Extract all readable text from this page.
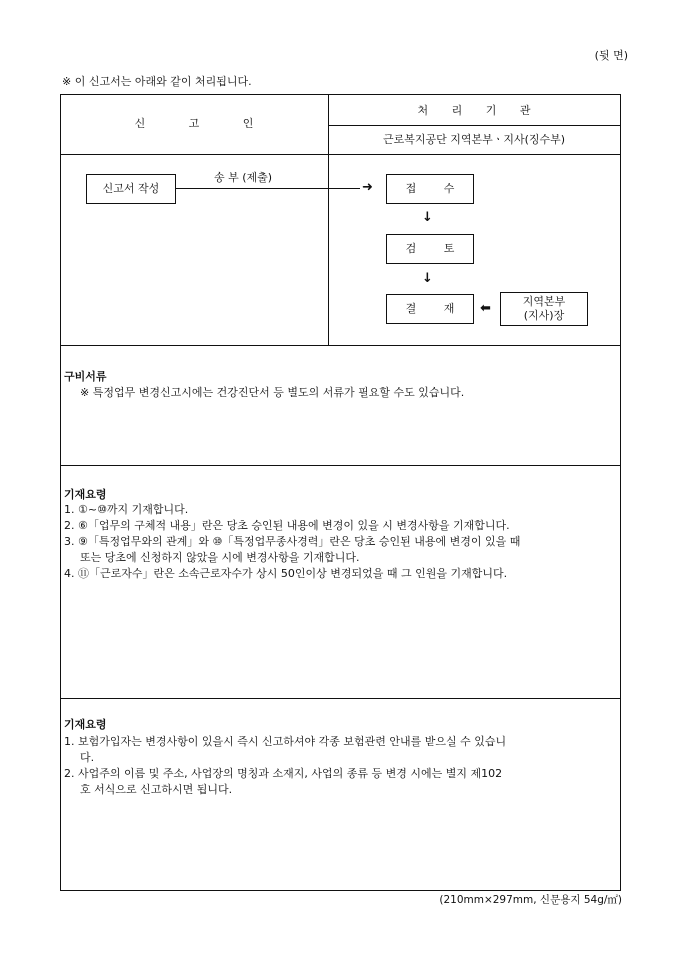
(뒷 면)
※ 이 신고서는 아래와 같이 처리됩니다.
신 고 인
처 리 기 관
근로복지공단 지역본부ㆍ지사(징수부)
신고서 작성
송 부 (제출)
➜	접 수
↓
검 토
↓
결 재	⬅	지역본부
(지사)장
구비서류
※ 특정업무 변경신고시에는 건강진단서 등 별도의 서류가 필요할 수도 있습니다.
기재요령
1. ①~⑩까지 기재합니다.
2. ⑥「업무의 구체적 내용」란은 당초 승인된 내용에 변경이 있을 시 변경사항을 기재합니다.
3. ⑨「특정업무와의 관계」와 ⑩「특정업무종사경력」란은 당초 승인된 내용에 변경이 있을 때
또는 당초에 신청하지 않았을 시에 변경사항을 기재합니다.
4. ⑪「근로자수」란은 소속근로자수가 상시 50인이상 변경되었을 때 그 인원을 기재합니다.
기재요령
1. 보험가입자는 변경사항이 있을시 즉시 신고하셔야 각종 보험관련 안내를 받으실 수 있습니
다.
2. 사업주의 이름 및 주소, 사업장의 명칭과 소재지, 사업의 종류 등 변경 시에는 별지 제102
호 서식으로 신고하시면 됩니다.
(210mm×297mm, 신문용지 54g/㎡)
